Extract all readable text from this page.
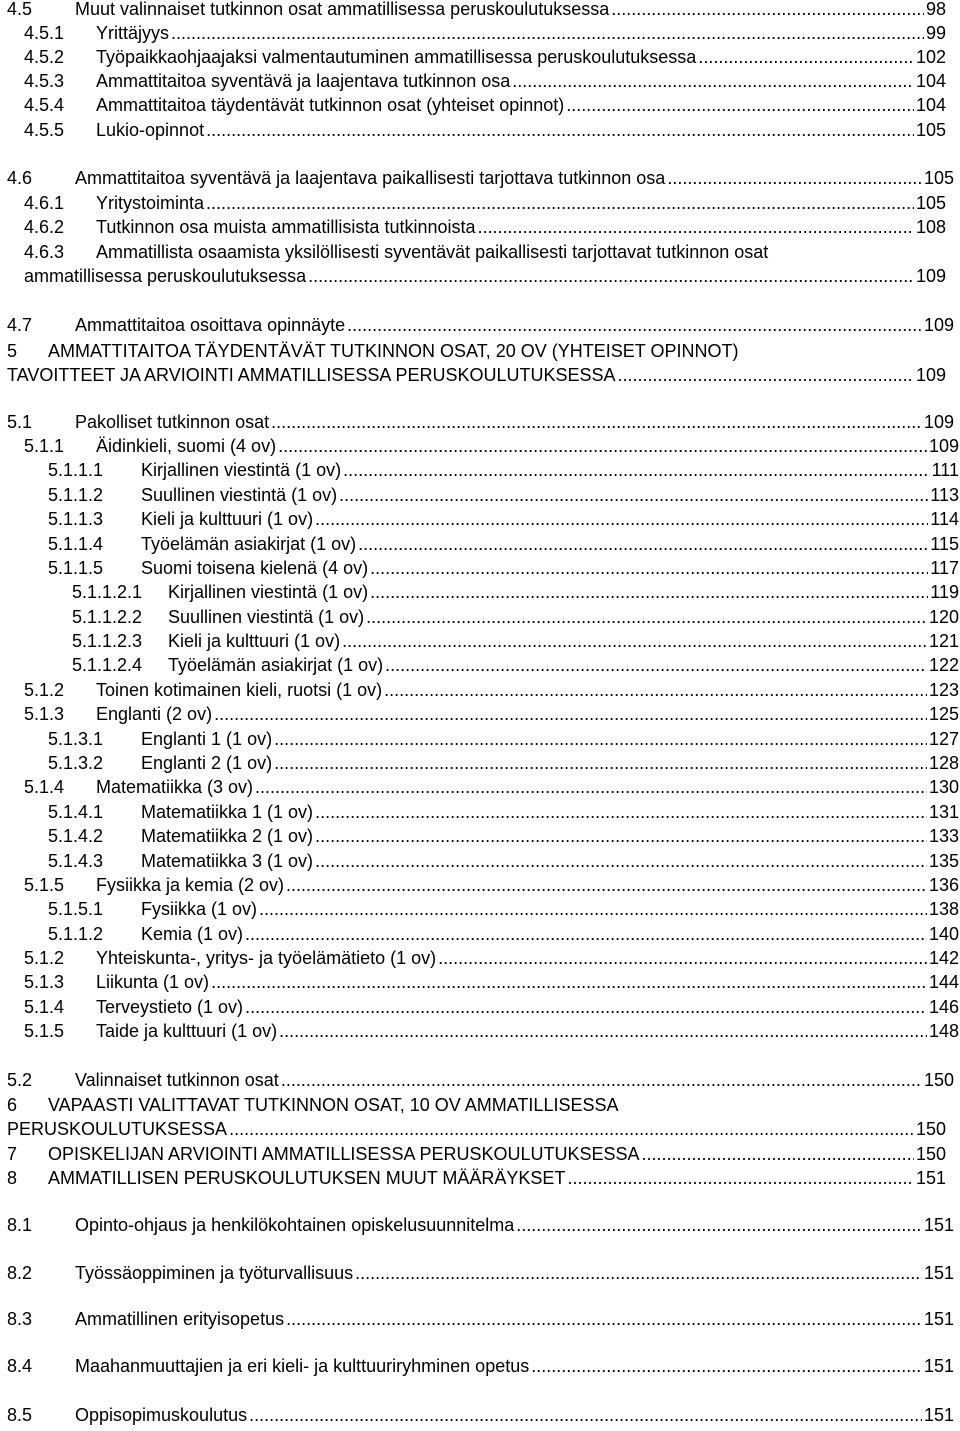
4.5 Muut valinnaiset tutkinnon osat ammatillisessa peruskoulutuksessa .....	98
4.5.1 Yrittäjyys .....	99
4.5.2 Työpaikkaohjaajaksi valmentautuminen ammatillisessa peruskoulutuksessa .....	102
4.5.3 Ammattitaitoa syventävä ja laajentava tutkinnon osa .....	104
4.5.4 Ammattitaitoa täydentävät tutkinnon osat (yhteiset opinnot) .....	104
4.5.5 Lukio-opinnot .....	105
4.6 Ammattitaitoa syventävä ja laajentava paikallisesti tarjottava tutkinnon osa .....	105
4.6.1 Yritystoiminta .....	105
4.6.2 Tutkinnon osa muista ammatillisista tutkinnoista .....	108
4.6.3 Ammatillista osaamista yksilöllisesti syventävät paikallisesti tarjottavat tutkinnon osat
ammatillisessa peruskoulutuksessa .....	109
4.7 Ammattitaitoa osoittava opinnäyte .....	109
5 AMMATTITAITOA TÄYDENTÄVÄT TUTKINNON OSAT, 20 OV (YHTEISET OPINNOT)
TAVOITTEET JA ARVIOINTI AMMATILLISESSA PERUSKOULUTUKSESSA .....	109
5.1 Pakolliset tutkinnon osat .....	109
5.1.1 Äidinkieli, suomi (4 ov) .....	109
5.1.1.1 Kirjallinen viestintä (1 ov) .....	111
5.1.1.2 Suullinen viestintä (1 ov) .....	113
5.1.1.3 Kieli ja kulttuuri (1 ov) .....	114
5.1.1.4 Työelämän asiakirjat (1 ov) .....	115
5.1.1.5 Suomi toisena kielenä (4 ov) .....	117
5.1.1.2.1 Kirjallinen viestintä (1 ov) .....	119
5.1.1.2.2 Suullinen viestintä (1 ov) .....	120
5.1.1.2.3 Kieli ja kulttuuri (1 ov) .....	121
5.1.1.2.4 Työelämän asiakirjat (1 ov) .....	122
5.1.2 Toinen kotimainen kieli, ruotsi (1 ov) .....	123
5.1.3 Englanti (2 ov) .....	125
5.1.3.1 Englanti 1 (1 ov) .....	127
5.1.3.2 Englanti 2 (1 ov) .....	128
5.1.4 Matematiikka (3 ov) .....	130
5.1.4.1 Matematiikka 1 (1 ov) .....	131
5.1.4.2 Matematiikka 2 (1 ov) .....	133
5.1.4.3 Matematiikka 3 (1 ov) .....	135
5.1.5 Fysiikka ja kemia (2 ov) .....	136
5.1.5.1 Fysiikka (1 ov) .....	138
5.1.1.2 Kemia (1 ov) .....	140
5.1.2 Yhteiskunta-, yritys- ja työelämätieto (1 ov) .....	142
5.1.3 Liikunta (1 ov) .....	144
5.1.4 Terveystieto (1 ov) .....	146
5.1.5 Taide ja kulttuuri (1 ov) .....	148
5.2 Valinnaiset tutkinnon osat .....	150
6 VAPAASTI VALITTAVAT TUTKINNON OSAT, 10 OV AMMATILLISESSA
PERUSKOULUTUKSESSA .....	150
7 OPISKELIJAN ARVIOINTI AMMATILLISESSA PERUSKOULUTUKSESSA .....	150
8 AMMATILLISEN PERUSKOULUTUKSEN MUUT MÄÄRÄYKSET .....	151
8.1 Opinto-ohjaus ja henkilökohtainen opiskelusuunnitelma .....	151
8.2 Työssäoppiminen ja työturvallisuus .....	151
8.3 Ammatillinen erityisopetus .....	151
8.4 Maahanmuuttajien ja eri kieli- ja kulttuuriryhminen opetus .....	151
8.5 Oppisopimuskoulutus .....	151
